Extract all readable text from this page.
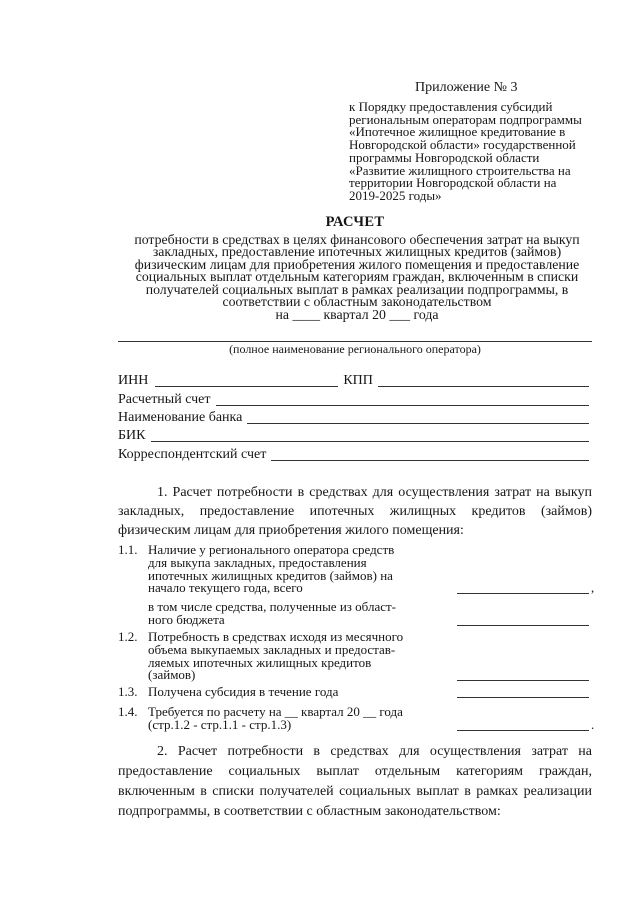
Приложение № 3
к Порядку предоставления субсидий
региональным операторам подпрограммы
«Ипотечное жилищное кредитование в
Новгородской области» государственной
программы Новгородской области
«Развитие жилищного строительства на
территории Новгородской области на
2019-2025 годы»
РАСЧЕТ
потребности в средствах в целях финансового обеспечения затрат на выкуп
закладных, предоставление ипотечных жилищных кредитов (займов)
физическим лицам для приобретения жилого помещения и предоставление
социальных выплат отдельным категориям граждан, включенным в списки
получателей социальных выплат в рамках реализации подпрограммы, в
соответствии с областным законодательством
на ____ квартал 20 ___ года
(полное наименование регионального оператора)
ИНН	КПП
Расчетный счет
Наименование банка
БИК
Корреспондентский счет
1. Расчет потребности в средствах для осуществления затрат на выкуп
закладных, предоставление ипотечных жилищных кредитов (займов)
физическим лицам для приобретения жилого помещения:
1.1. Наличие у регионального оператора средств
для выкупа закладных, предоставления
ипотечных жилищных кредитов (займов) на
начало текущего года, всего	,
в том числе средства, полученные из област-
ного бюджета
1.2. Потребность в средствах исходя из месячного
объема выкупаемых закладных и предостав-
ляемых ипотечных жилищных кредитов
(займов)
1.3. Получена субсидия в течение года
1.4. Требуется по расчету на __ квартал 20 __ года
(стр.1.2 - стр.1.1 - стр.1.3)	.
2. Расчет потребности в средствах для осуществления затрат на
предоставление социальных выплат отдельным категориям граждан,
включенным в списки получателей социальных выплат в рамках реализации
подпрограммы, в соответствии с областным законодательством:
